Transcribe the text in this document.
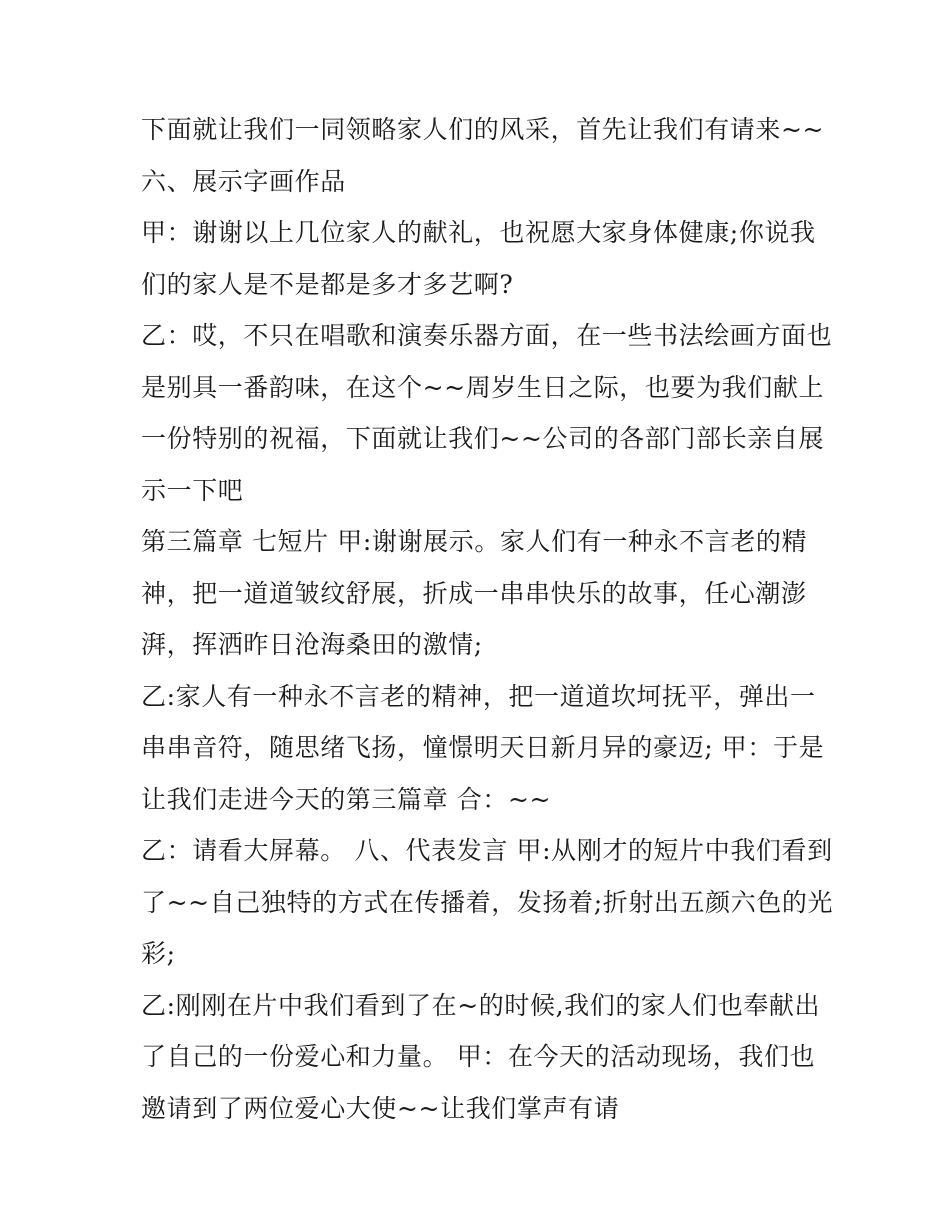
下面就让我们一同领略家人们的风采，首先让我们有请来~~
六、展示字画作品
甲：谢谢以上几位家人的献礼，也祝愿大家身体健康;你说我
们的家人是不是都是多才多艺啊?
乙：哎，不只在唱歌和演奏乐器方面，在一些书法绘画方面也
是别具一番韵味，在这个~~周岁生日之际，也要为我们献上
一份特别的祝福，下面就让我们~~公司的各部门部长亲自展
示一下吧
第三篇章 七短片 甲:谢谢展示。家人们有一种永不言老的精
神，把一道道皱纹舒展，折成一串串快乐的故事，任心潮澎
湃，挥洒昨日沧海桑田的激情;
乙:家人有一种永不言老的精神，把一道道坎坷抚平，弹出一
串串音符，随思绪飞扬，憧憬明天日新月异的豪迈; 甲：于是
让我们走进今天的第三篇章 合：~~
乙：请看大屏幕。 八、代表发言 甲:从刚才的短片中我们看到
了~~自己独特的方式在传播着，发扬着;折射出五颜六色的光
彩;
乙:刚刚在片中我们看到了在~的时候,我们的家人们也奉献出
了自己的一份爱心和力量。 甲：在今天的活动现场，我们也
邀请到了两位爱心大使~~让我们掌声有请
